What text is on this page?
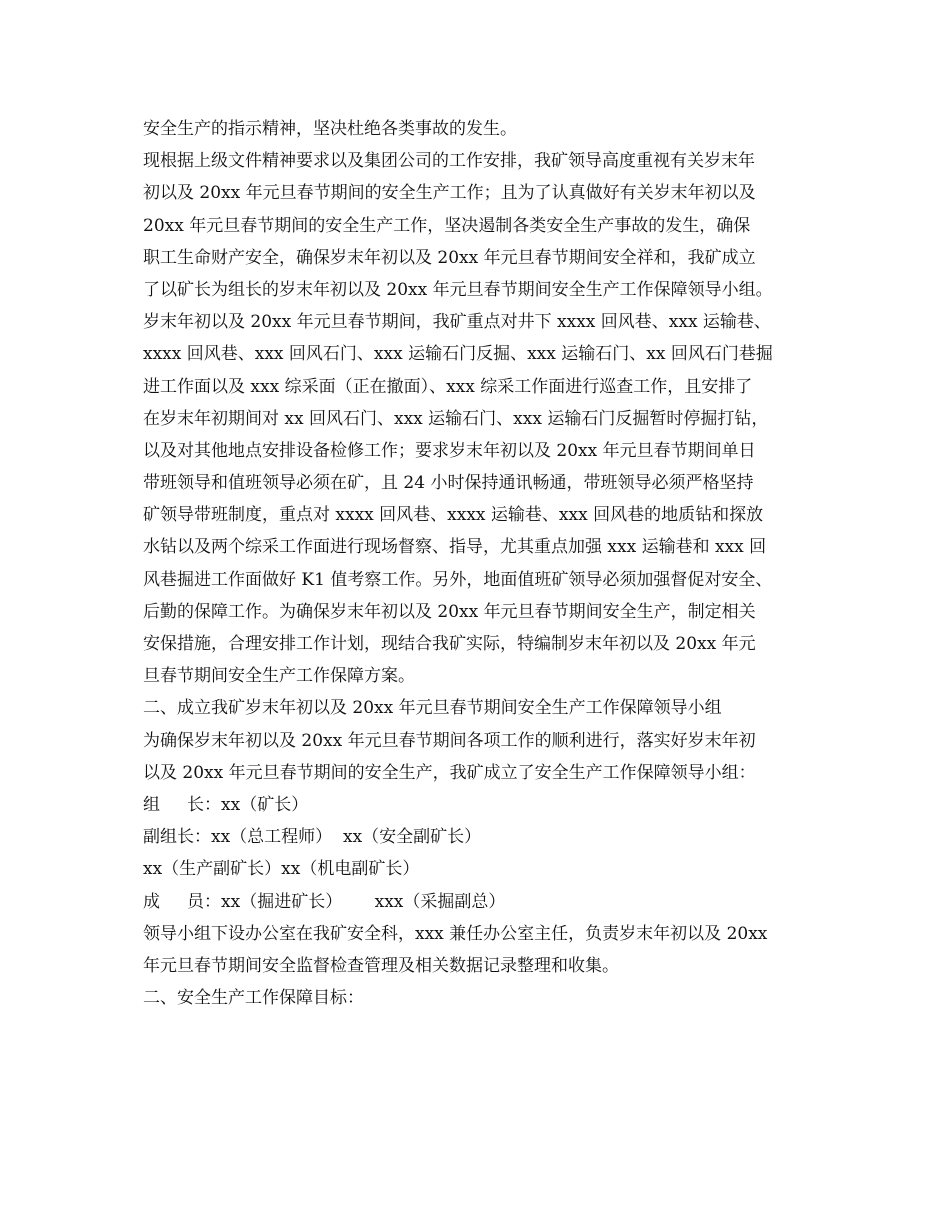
安全生产的指示精神，坚决杜绝各类事故的发生。
现根据上级文件精神要求以及集团公司的工作安排，我矿领导高度重视有关岁末年
初以及 20xx 年元旦春节期间的安全生产工作；且为了认真做好有关岁末年初以及
20xx 年元旦春节期间的安全生产工作，坚决遏制各类安全生产事故的发生，确保
职工生命财产安全，确保岁末年初以及 20xx 年元旦春节期间安全祥和，我矿成立
了以矿长为组长的岁末年初以及 20xx 年元旦春节期间安全生产工作保障领导小组。
岁末年初以及 20xx 年元旦春节期间，我矿重点对井下 xxxx 回风巷、xxx 运输巷、
xxxx 回风巷、xxx 回风石门、xxx 运输石门反掘、xxx 运输石门、xx 回风石门巷掘
进工作面以及 xxx 综采面（正在撤面）、xxx 综采工作面进行巡查工作，且安排了
在岁末年初期间对 xx 回风石门、xxx 运输石门、xxx 运输石门反掘暂时停掘打钻，
以及对其他地点安排设备检修工作；要求岁末年初以及 20xx 年元旦春节期间单日
带班领导和值班领导必须在矿，且 24 小时保持通讯畅通，带班领导必须严格坚持
矿领导带班制度，重点对 xxxx 回风巷、xxxx 运输巷、xxx 回风巷的地质钻和探放
水钻以及两个综采工作面进行现场督察、指导，尤其重点加强 xxx 运输巷和 xxx 回
风巷掘进工作面做好 K1 值考察工作。另外，地面值班矿领导必须加强督促对安全、
后勤的保障工作。为确保岁末年初以及 20xx 年元旦春节期间安全生产，制定相关
安保措施，合理安排工作计划，现结合我矿实际，特编制岁末年初以及 20xx 年元
旦春节期间安全生产工作保障方案。
二、成立我矿岁末年初以及 20xx 年元旦春节期间安全生产工作保障领导小组
为确保岁末年初以及 20xx 年元旦春节期间各项工作的顺利进行，落实好岁末年初
以及 20xx 年元旦春节期间的安全生产，我矿成立了安全生产工作保障领导小组：
组     长：xx（矿长）
副组长：xx（总工程师）  xx（安全副矿长）
xx（生产副矿长）xx（机电副矿长）
成     员：xx（掘进矿长）      xxx（采掘副总）
领导小组下设办公室在我矿安全科，xxx 兼任办公室主任，负责岁末年初以及 20xx
年元旦春节期间安全监督检查管理及相关数据记录整理和收集。
二、安全生产工作保障目标：
